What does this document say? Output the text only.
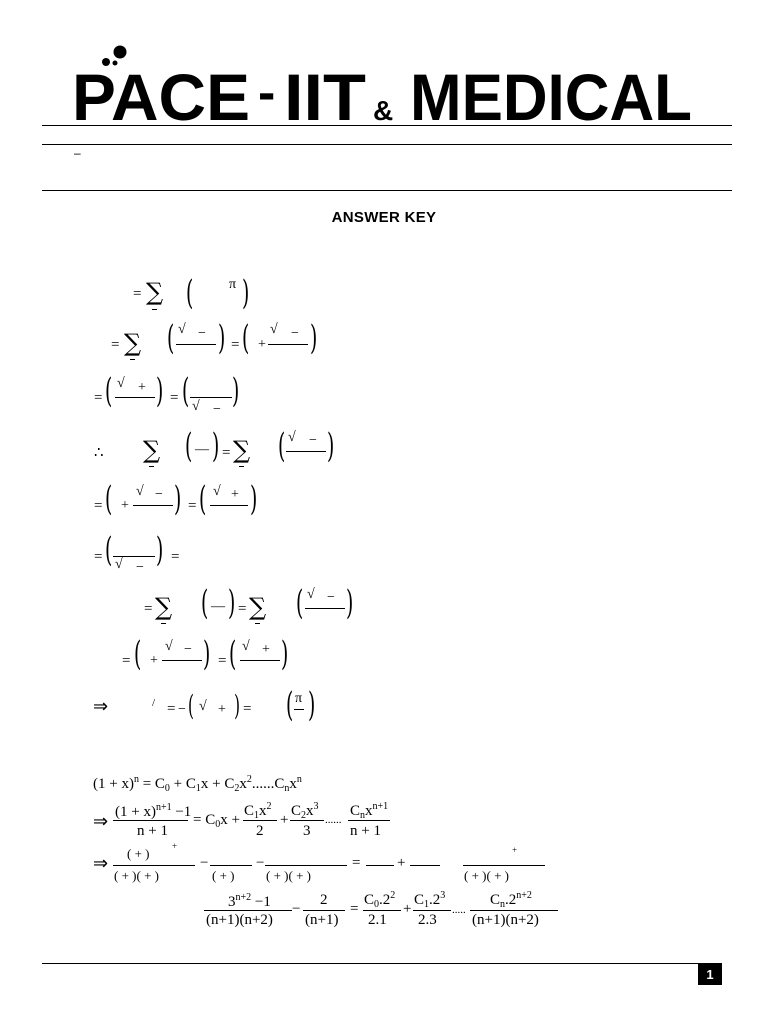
PACE - IIT & MEDICAL
–
ANSWER KEY
= ∑ (	π )
= ∑ ( √ − ) = ( +
√ − )
= ( √ + ) = ( √ − )
∴ ∑ ( — ) = ∑ ( √ − )
= ( +
√ − ) = ( √ + )
= ( √ − ) =
= ∑ ( — ) = ∑ ( √ − )
= ( +
√ − ) = ( √ + )
⇒	/ = − ( √ + ) = ( π )
$(1 + x)^n = C_0 + C_1x + C_2x^2......C_nx^n$
⇒ $(1 + x)^{n+1} -1$
n + 1
= $C_0x$ +
$C_1x^2$
2
+
$C_2x^3$
3
......
$C_nx^{n+1}$
n + 1
⇒ ( + )	+
( + )( + )
−
( + )
−
( + )( + )
= +
+
( + )( + )
$3^{n+2} -1$
(n+1)(n+2)
−
2
(n+1)
=
$C_0.2^2$
2.1
+
$C_1.2^3$
2.3
.....
$C_n.2^{n+2}$
(n+1)(n+2)
1
